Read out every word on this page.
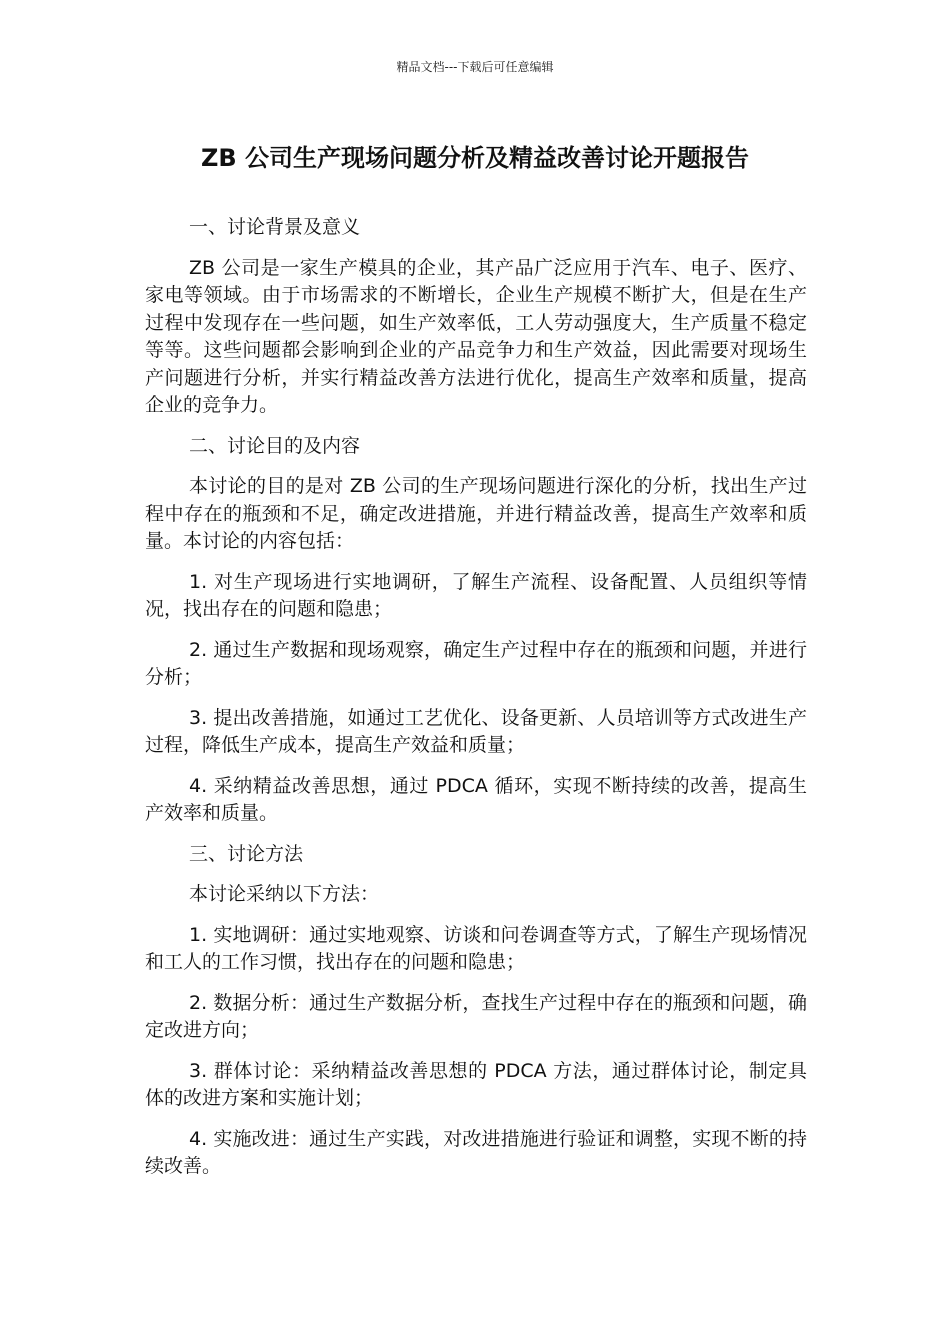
精品文档---下载后可任意编辑
ZB 公司生产现场问题分析及精益改善讨论开题报告

一、讨论背景及意义

ZB 公司是一家生产模具的企业，其产品广泛应用于汽车、电子、医疗、家电等领域。由于市场需求的不断增长，企业生产规模不断扩大，但是在生产过程中发现存在一些问题，如生产效率低，工人劳动强度大，生产质量不稳定等等。这些问题都会影响到企业的产品竞争力和生产效益，因此需要对现场生产问题进行分析，并实行精益改善方法进行优化，提高生产效率和质量，提高企业的竞争力。

二、讨论目的及内容

本讨论的目的是对 ZB 公司的生产现场问题进行深化的分析，找出生产过程中存在的瓶颈和不足，确定改进措施，并进行精益改善，提高生产效率和质量。本讨论的内容包括：

1. 对生产现场进行实地调研，了解生产流程、设备配置、人员组织等情况，找出存在的问题和隐患；

2. 通过生产数据和现场观察，确定生产过程中存在的瓶颈和问题，并进行分析；

3. 提出改善措施，如通过工艺优化、设备更新、人员培训等方式改进生产过程，降低生产成本，提高生产效益和质量；

4. 采纳精益改善思想，通过 PDCA 循环，实现不断持续的改善，提高生产效率和质量。

三、讨论方法

本讨论采纳以下方法：

1. 实地调研：通过实地观察、访谈和问卷调查等方式，了解生产现场情况和工人的工作习惯，找出存在的问题和隐患；

2. 数据分析：通过生产数据分析，查找生产过程中存在的瓶颈和问题，确定改进方向；

3. 群体讨论：采纳精益改善思想的 PDCA 方法，通过群体讨论，制定具体的改进方案和实施计划；

4. 实施改进：通过生产实践，对改进措施进行验证和调整，实现不断的持续改善。
